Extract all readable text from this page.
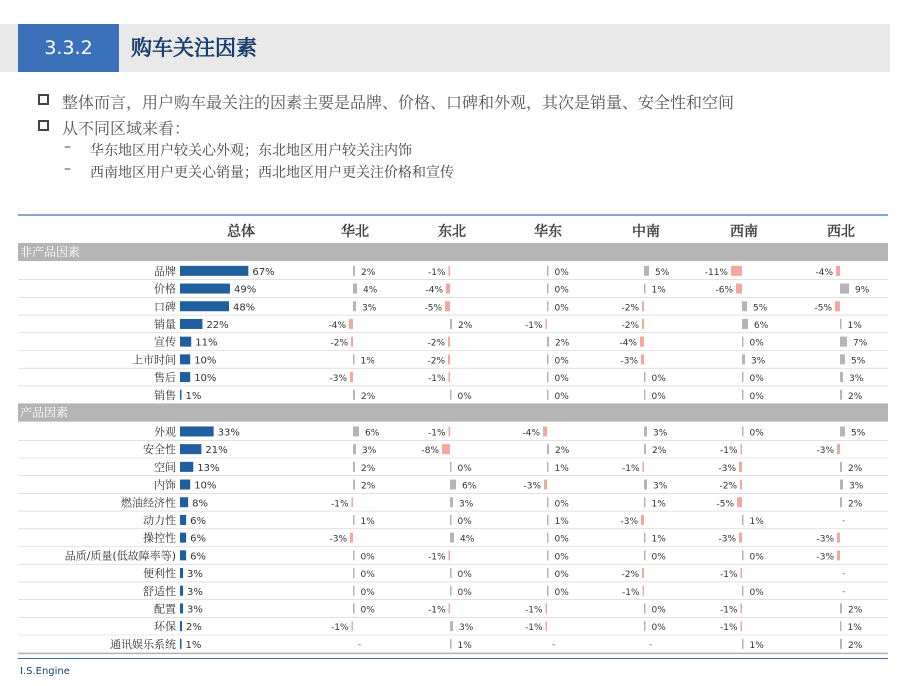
3.3.2	购车关注因素
整体而言，用户购车最关注的因素主要是品牌、价格、口碑和外观，其次是销量、安全性和空间
从不同区域来看：
– 华东地区用户较关心外观；东北地区用户较关注内饰
– 西南地区用户更关心销量；西北地区用户更关注价格和宣传
总体	华北	东北	华东	中南	西南	西北
非产品因素
品牌	67%	2%	-1%	0%	5%	-11%	-4%
价格	49%	4%	-4%	0%	1%	-6%	9%
口碑	48%	3%	-5%	0%	-2%	5%	-5%
销量	22%	-4%	2%	-1%	-2%	6%	1%
宣传 11%	-2%	-2%	2%	-4%	0%	7%
上市时间 10%	1%	-2%	0%	-3%	3%	5%
售后 10%	-3%	-1%	0%	0%	0%	3%
销售 1%	2%	0%	0%	0%	0%	2%
产品因素
外观	33%	6%	-1%	-4%	3%	0%	5%
安全性	21%	3%	-8%	2%	2%	-1%	-3%
空间 13%	2%	0%	1%	-1%	-3%	2%
内饰 10%	2%	6%	-3%	3%	-2%	3%
燃油经济性 8%	-1%	3%	0%	1%	-5%	2%
动力性 6%	1%	0%	1%	-3%	1%	-
操控性 6%	-3%	4%	0%	1%	-3%	-3%
品质/质量(低故障率等) 6%	0%	-1%	0%	0%	0%	-3%
便利性 3%	0%	0%	0%	-2%	-1%	-
舒适性 3%	0%	0%	0%	-1%	0%	-
配置 3%	0%	-1%	-1%	0%	-1%	2%
环保 2%	-1%	3%	-1%	0%	-1%	1%
通讯娱乐系统 1%	-	1%	-	-	1%	2%
I.S.Engine
